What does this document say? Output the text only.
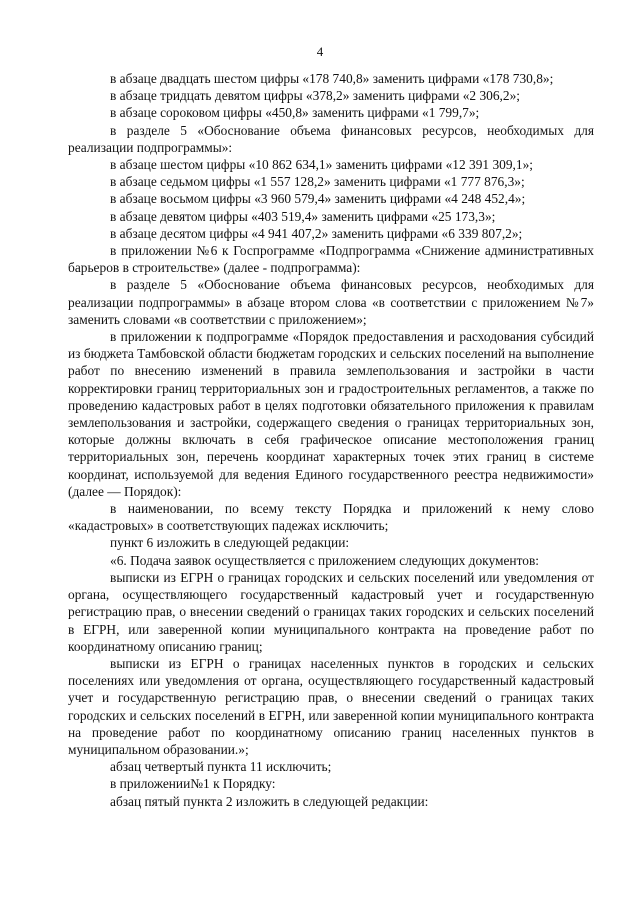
4

в абзаце двадцать шестом цифры «178 740,8» заменить цифрами «178 730,8»;

в абзаце тридцать девятом цифры «378,2» заменить цифрами «2 306,2»;

в абзаце сороковом цифры «450,8» заменить цифрами «1 799,7»;

в разделе 5 «Обоснование объема финансовых ресурсов, необходимых для реализации подпрограммы»:

в абзаце шестом цифры «10 862 634,1» заменить цифрами «12 391 309,1»;

в абзаце седьмом цифры «1 557 128,2» заменить цифрами «1 777 876,3»;

в абзаце восьмом цифры «3 960 579,4» заменить цифрами «4 248 452,4»;

в абзаце девятом цифры «403 519,4» заменить цифрами «25 173,3»;

в абзаце десятом цифры «4 941 407,2» заменить цифрами «6 339 807,2»;

в приложении №6 к Госпрограмме «Подпрограмма «Снижение административных барьеров в строительстве» (далее - подпрограмма):

в разделе 5 «Обоснование объема финансовых ресурсов, необходимых для реализации подпрограммы» в абзаце втором слова «в соответствии с приложением №7» заменить словами «в соответствии с приложением»;

в приложении к подпрограмме «Порядок предоставления и расходования субсидий из бюджета Тамбовской области бюджетам городских и сельских поселений на выполнение работ по внесению изменений в правила землепользования и застройки в части корректировки границ территориальных зон и градостроительных регламентов, а также по проведению кадастровых работ в целях подготовки обязательного приложения к правилам землепользования и застройки, содержащего сведения о границах территориальных зон, которые должны включать в себя графическое описание местоположения границ территориальных зон, перечень координат характерных точек этих границ в системе координат, используемой для ведения Единого государственного реестра недвижимости» (далее — Порядок):

в наименовании, по всему тексту Порядка и приложений к нему слово «кадастровых» в соответствующих падежах исключить;

пункт 6 изложить в следующей редакции:

«6. Подача заявок осуществляется с приложением следующих документов:

выписки из ЕГРН о границах городских и сельских поселений или уведомления от органа, осуществляющего государственный кадастровый учет и государственную регистрацию прав, о внесении сведений о границах таких городских и сельских поселений в ЕГРН, или заверенной копии муниципального контракта на проведение работ по координатному описанию границ;

выписки из ЕГРН о границах населенных пунктов в городских и сельских поселениях или уведомления от органа, осуществляющего государственный кадастровый учет и государственную регистрацию прав, о внесении сведений о границах таких городских и сельских поселений в ЕГРН, или заверенной копии муниципального контракта на проведение работ по координатному описанию границ населенных пунктов в муниципальном образовании.»;

абзац четвертый пункта 11 исключить;

в приложении№1 к Порядку:

абзац пятый пункта 2 изложить в следующей редакции:
